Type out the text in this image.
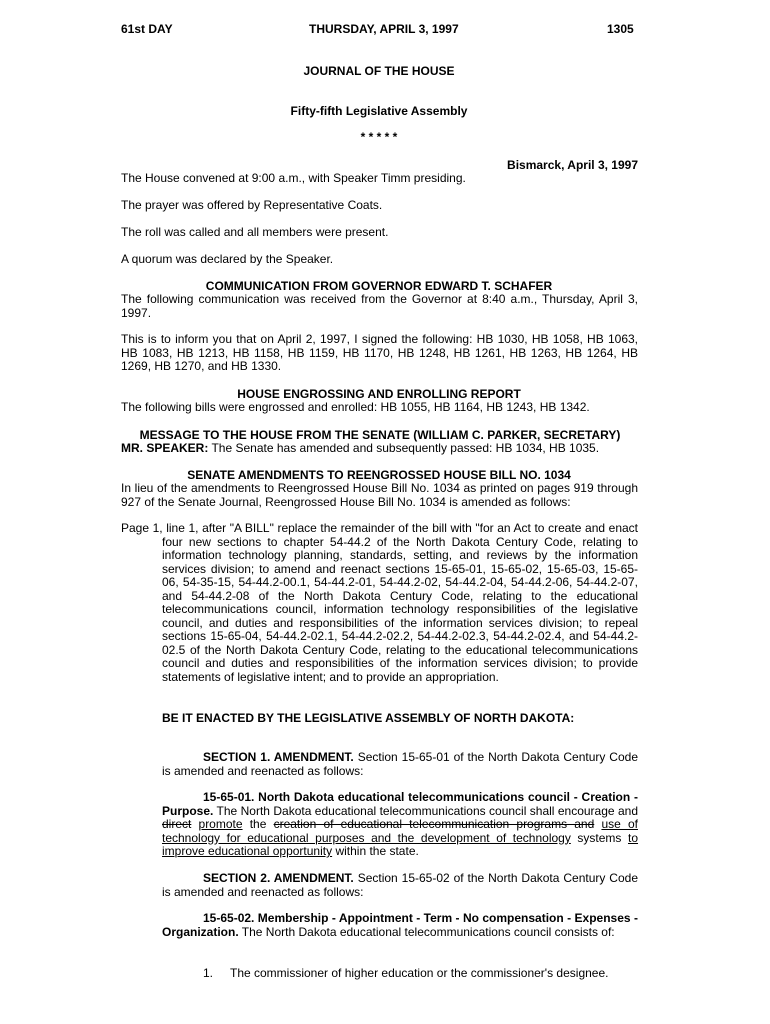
61st DAY	THURSDAY, APRIL 3, 1997	1305
JOURNAL OF THE HOUSE
Fifty-fifth Legislative Assembly
* * * * *
Bismarck, April 3, 1997
The House convened at 9:00 a.m., with Speaker Timm presiding.
The prayer was offered by Representative Coats.
The roll was called and all members were present.
A quorum was declared by the Speaker.
COMMUNICATION FROM GOVERNOR EDWARD T. SCHAFER
The following communication was received from the Governor at 8:40 a.m., Thursday, April 3, 1997.
This is to inform you that on April 2, 1997, I signed the following: HB 1030, HB 1058, HB 1063, HB 1083, HB 1213, HB 1158, HB 1159, HB 1170, HB 1248, HB 1261, HB 1263, HB 1264, HB 1269, HB 1270, and HB 1330.
HOUSE ENGROSSING AND ENROLLING REPORT
The following bills were engrossed and enrolled: HB 1055, HB 1164, HB 1243, HB 1342.
MESSAGE TO THE HOUSE FROM THE SENATE (WILLIAM C. PARKER, SECRETARY)
MR. SPEAKER: The Senate has amended and subsequently passed: HB 1034, HB 1035.
SENATE AMENDMENTS TO REENGROSSED HOUSE BILL NO. 1034
In lieu of the amendments to Reengrossed House Bill No. 1034 as printed on pages 919 through 927 of the Senate Journal, Reengrossed House Bill No. 1034 is amended as follows:
Page 1, line 1, after "A BILL" replace the remainder of the bill with "for an Act to create and enact four new sections to chapter 54-44.2 of the North Dakota Century Code, relating to information technology planning, standards, setting, and reviews by the information services division; to amend and reenact sections 15-65-01, 15-65-02, 15-65-03, 15-65-06, 54-35-15, 54-44.2-00.1, 54-44.2-01, 54-44.2-02, 54-44.2-04, 54-44.2-06, 54-44.2-07, and 54-44.2-08 of the North Dakota Century Code, relating to the educational telecommunications council, information technology responsibilities of the legislative council, and duties and responsibilities of the information services division; to repeal sections 15-65-04, 54-44.2-02.1, 54-44.2-02.2, 54-44.2-02.3, 54-44.2-02.4, and 54-44.2-02.5 of the North Dakota Century Code, relating to the educational telecommunications council and duties and responsibilities of the information services division; to provide statements of legislative intent; and to provide an appropriation.
BE IT ENACTED BY THE LEGISLATIVE ASSEMBLY OF NORTH DAKOTA:
SECTION 1. AMENDMENT. Section 15-65-01 of the North Dakota Century Code is amended and reenacted as follows:
15-65-01. North Dakota educational telecommunications council - Creation - Purpose. The North Dakota educational telecommunications council shall encourage and direct promote the creation of educational telecommunication programs and use of technology for educational purposes and the development of technology systems to improve educational opportunity within the state.
SECTION 2. AMENDMENT. Section 15-65-02 of the North Dakota Century Code is amended and reenacted as follows:
15-65-02. Membership - Appointment - Term - No compensation - Expenses - Organization. The North Dakota educational telecommunications council consists of:
1. The commissioner of higher education or the commissioner's designee.
